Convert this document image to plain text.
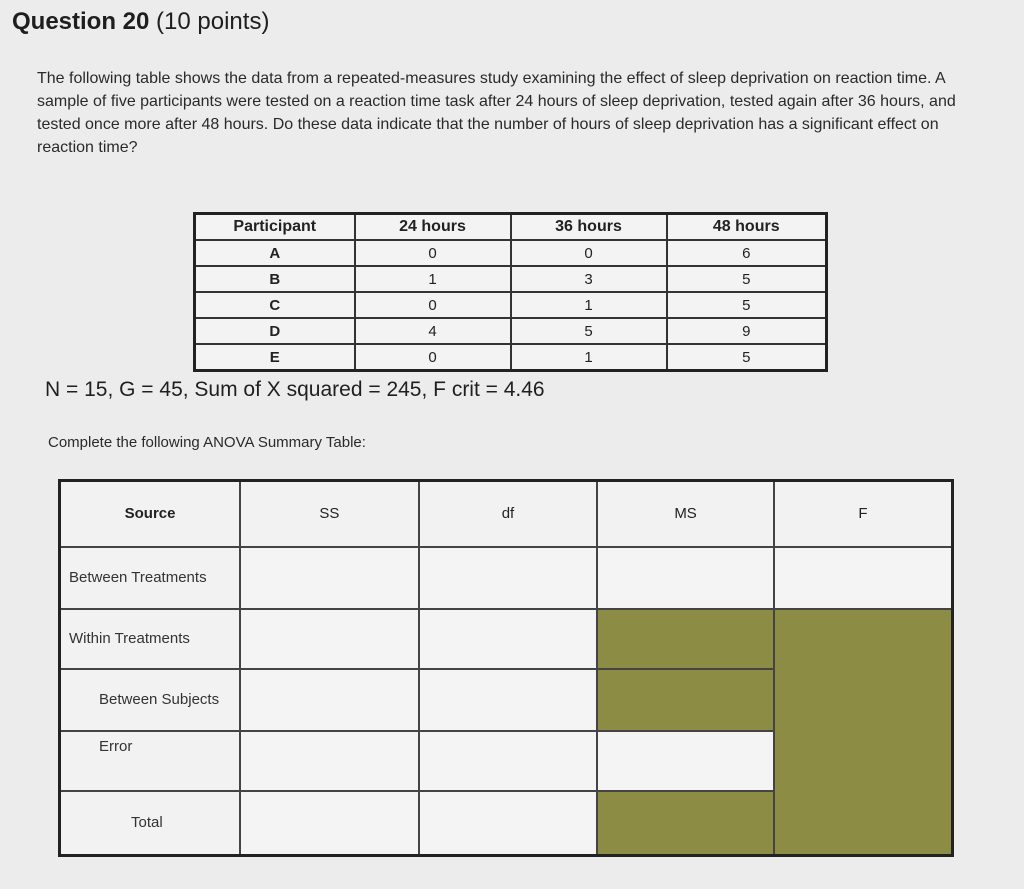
Question 20 (10 points)
The following table shows the data from a repeated-measures study examining the effect of sleep deprivation on reaction time. A sample of five participants were tested on a reaction time task after 24 hours of sleep deprivation, tested again after 36 hours, and tested once more after 48 hours. Do these data indicate that the number of hours of sleep deprivation has a significant effect on reaction time?
Participant	24 hours	36 hours	48 hours
A	0	0	6
B	1	3	5
C	0	1	5
D	4	5	9
E	0	1	5
N = 15, G = 45, Sum of X squared = 245, F crit = 4.46
Complete the following ANOVA Summary Table:
Source	SS	df	MS	F
Between Treatments				
Within Treatments				
Between Subjects				
Error				
Total				
